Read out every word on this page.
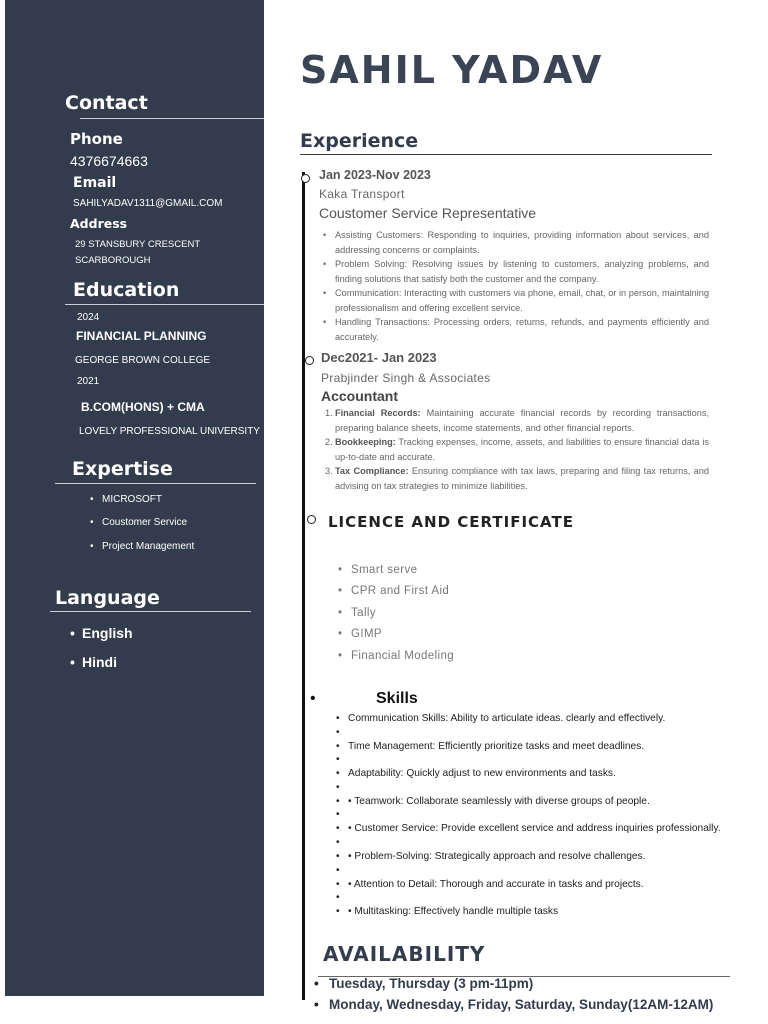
Contact
Phone
4376674663
Email
SAHILYADAV1311@GMAIL.COM
Address
29 STANSBURY CRESCENT
SCARBOROUGH
Education
2024
FINANCIAL PLANNING
GEORGE BROWN COLLEGE
2021
B.COM(HONS) + CMA
LOVELY PROFESSIONAL UNIVERSITY
Expertise
• MICROSOFT
• Coustomer Service
• Project Management
Language
• English
• Hindi
SAHIL YADAV
Experience
Jan 2023-Nov 2023
Kaka Transport
Coustomer Service Representative
• Assisting Customers: Responding to inquiries, providing information about services, and addressing concerns or complaints.
• Problem Solving: Resolving issues by listening to customers, analyzing problems, and finding solutions that satisfy both the customer and the company.
• Communication: Interacting with customers via phone, email, chat, or in person, maintaining professionalism and offering excellent service.
• Handling Transactions: Processing orders, returns, refunds, and payments efficiently and accurately.
Dec2021- Jan 2023
Prabjinder Singh & Associates
Accountant
1. Financial Records: Maintaining accurate financial records by recording transactions, preparing balance sheets, income statements, and other financial reports.
2. Bookkeeping: Tracking expenses, income, assets, and liabilities to ensure financial data is up-to-date and accurate.
3. Tax Compliance: Ensuring compliance with tax laws, preparing and filing tax returns, and advising on tax strategies to minimize liabilities.
LICENCE AND CERTIFICATE
• Smart serve
• CPR and First Aid
• Tally
• GIMP
• Financial Modeling
•	Skills
• Communication Skills: Ability to articulate ideas. clearly and effectively.
•
• Time Management: Efficiently prioritize tasks and meet deadlines.
•
• Adaptability: Quickly adjust to new environments and tasks.
•
• • Teamwork: Collaborate seamlessly with diverse groups of people.
•
• • Customer Service: Provide excellent service and address inquiries professionally.
•
• • Problem-Solving: Strategically approach and resolve challenges.
•
• • Attention to Detail: Thorough and accurate in tasks and projects.
•
• • Multitasking: Effectively handle multiple tasks
AVAILABILITY
• Tuesday, Thursday (3 pm-11pm)
• Monday, Wednesday, Friday, Saturday, Sunday(12AM-12AM)
